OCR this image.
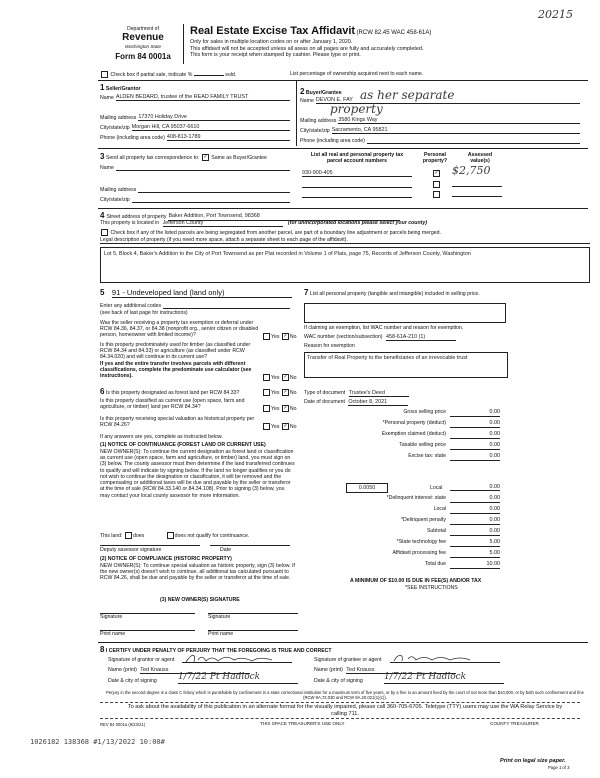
20215
Department of
Revenue
Washington State
Form 84 0001a
Real Estate Excise Tax Affidavit (RCW 82.45 WAC 458-61A)
Only for sales in multiple location codes on or after January 1, 2020.
This affidavit will not be accepted unless all areas on all pages are fully and accurately completed.
This form is your receipt when stamped by cashier. Please type or print.
Check box if partial sale, indicate %	sold.	List percentage of ownership acquired next to each name.
1 Seller/Grantor
Name ALDEN BEDARD, trustee of the READ FAMILY TRUST
Mailing address 17370 Holiday Drive
City/state/zip Morgan Hill, CA 95037-6610
Phone (including area code) 408-813-1789
2 Buyer/Grantee
Name DEVON E. FAY as her separate
property
Mailing address 3580 Kings Way
City/state/zip Sacramento, CA 95821
Phone (including area code)
3 Send all property tax correspondence to: ✓ Same as Buyer/Grantee
Name
Mailing address
City/state/zip
List all real and personal property tax
parcel account numbers
Personal
property?
Assessed
value(s)
930-900-405	✓ $2,750
4 Street address of property Baker Addition, Port Townsend, 98368
This property is located in Jefferson County	(for unincorporated locations please select your county)
Check box if any of the listed parcels are being segregated from another parcel, are part of a boundary line adjustment or parcels being merged.
Legal description of property (if you need more space, attach a separate sheet to each page of the affidavit).
Lot 5, Block 4, Baker's Addition to the City of Port Townsend as per Plat recorded in Volume 1 of Plats, page 75, Records of Jefferson County, Washington
5 91 - Undeveloped land (land only)
Enter any additional codes
(see back of last page for instructions)
Was the seller receiving a property tax exemption or deferral under RCW 84.36, 84.37, or 84.38 (nonprofit org., senior citizen or disabled person, homeowner with limited income)?	Yes ✓ No
Is this property predominately used for timber (as classified under RCW 84.34 and 84.33) or agriculture (as classified under RCW 84.34.020) and will continue in its current use?
If yes and the entire transfer involves parcels with different classifications, complete the predominate use calculator (see instructions).	Yes ✓ No
6 Is this property designated as forest land per RCW 84.33?	Yes ✓ No
Is this property classified as current use (open space, farm and agriculture, or timber) land per RCW 84.34?	Yes ✓ No
Is this property receiving special valuation as historical property per RCW 84.26?	Yes ✓ No
If any answers are yes, complete as instructed below.
(1) NOTICE OF CONTINUANCE (FOREST LAND OR CURRENT USE)
NEW OWNER(S): To continue the current designation as forest land or classification as current use (open space, farm and agriculture, or timber) land, you must sign on (3) below. The county assessor must then determine if the land transferred continues to qualify and will indicate by signing below. If the land no longer qualifies or you do not wish to continue the designation or classification, it will be removed and the compensating or additional taxes will be due and payable by the seller or transferor at the time of sale (RCW 84.33.140 or 84.34.108). Prior to signing (3) below, you may contact your local county assessor for more information.
This land: does	does not qualify for continuance.
Deputy assessor signature	Date
(2) NOTICE OF COMPLIANCE (HISTORIC PROPERTY)
NEW OWNER(S): To continue special valuation as historic property, sign (3) below. If the new owner(s) doesn't wish to continue, all additional tax calculated pursuant to RCW 84.26, shall be due and payable by the seller or transferor at the time of sale.
(3) NEW OWNER(S) SIGNATURE
Signature	Signature
Print name	Print name
7 List all personal property (tangible and intangible) included in selling price.
If claiming an exemption, list WAC number and reason for exemption.
WAC number (section/subsection) 458-61A-210 (1)
Reason for exemption
Transfer of Real Property to the beneficiaries of an irrevocable trust
Type of document Trustee's Deed
Date of document October 8, 2021
Gross selling price	0.00
*Personal property (deduct)	0.00
Exemption claimed (deduct)	0.00
Taxable selling price	0.00
Excise tax: state	0.00
0.0050	Local	0.00
*Delinquent interest: state	0.00
Local	0.00
*Delinquent penalty	0.00
Subtotal	0.00
*State technology fee	5.00
Affidavit processing fee	5.00
Total due	10.00
A MINIMUM OF $10.00 IS DUE IN FEE(S) AND/OR TAX
*SEE INSTRUCTIONS
8 I CERTIFY UNDER PENALTY OF PERJURY THAT THE FOREGOING IS TRUE AND CORRECT
Signature of grantor or agent	Signature of grantee or agent
Name (print) Ted Knauss	Name (print) Ted Knauss
Date & city of signing 1/7/22 Pt Hadlock	Date & city of signing 1/7/22 Pt Hadlock
Perjury in the second degree is a class C felony which is punishable by confinement in a state correctional institution for a maximum term of five years, or by a fine in an amount fixed by the court of not more than $10,000, or by both such confinement and fine (RCW 9A.72.030 and RCW 9A.20.021(1)(c)).
To ask about the availability of this publication in an alternate format for the visually impaired, please call 360-705-6705. Teletype (TTY) users may use the WA Relay Service by calling 711.
REV 84 0001a (9/23/21)	THIS SPACE TREASURER'S USE ONLY	COUNTY TREASURER
1026182 138368 #1/13/2022 10:00#
Print on legal size paper.
Page 1 of 3
